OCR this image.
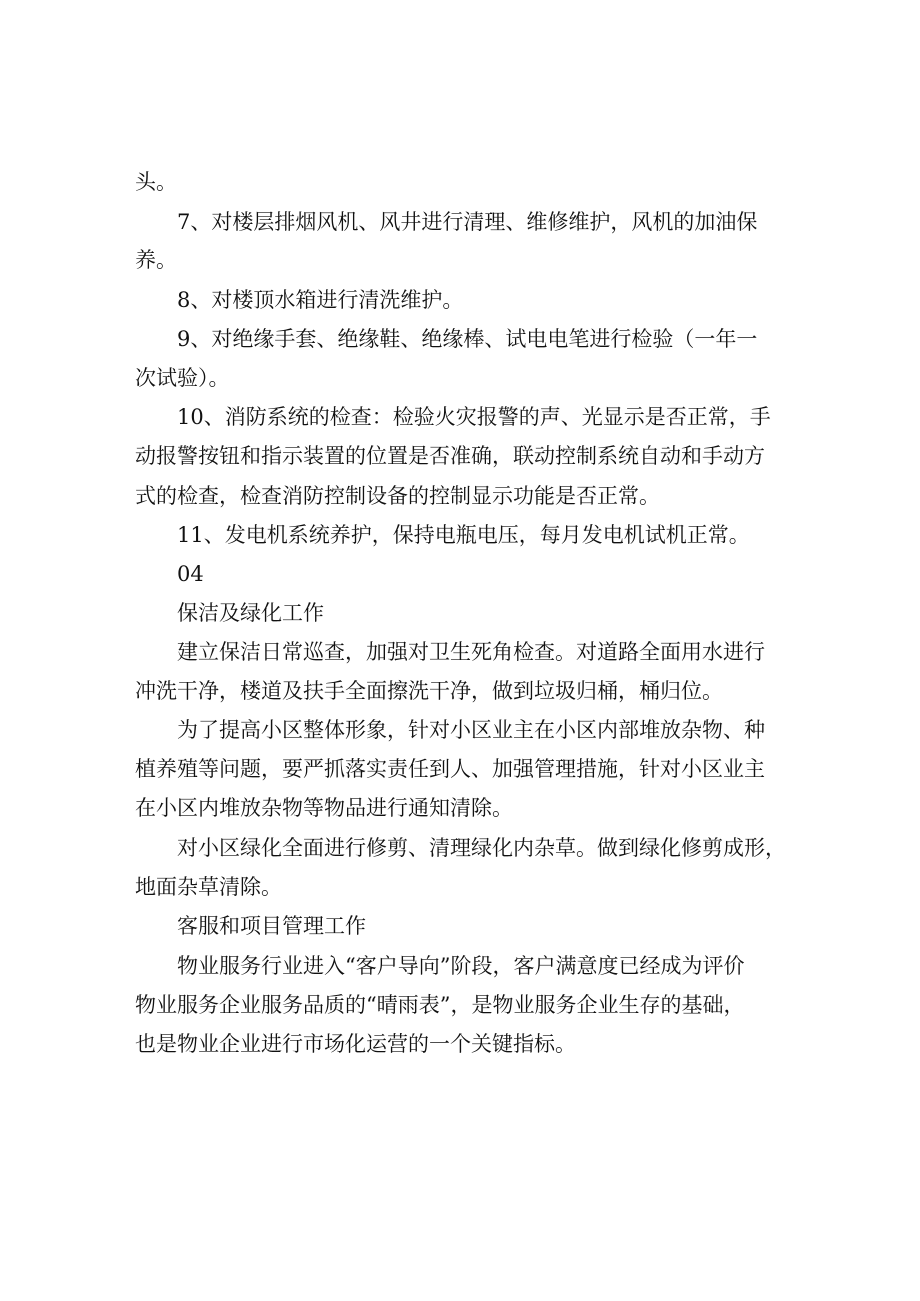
头。
7、对楼层排烟风机、风井进行清理、维修维护，风机的加油保
养。
8、对楼顶水箱进行清洗维护。
9、对绝缘手套、绝缘鞋、绝缘棒、试电电笔进行检验（一年一
次试验）。
10、消防系统的检查：检验火灾报警的声、光显示是否正常，手
动报警按钮和指示装置的位置是否准确，联动控制系统自动和手动方
式的检查，检查消防控制设备的控制显示功能是否正常。
11、发电机系统养护，保持电瓶电压，每月发电机试机正常。
04
保洁及绿化工作
建立保洁日常巡查，加强对卫生死角检查。对道路全面用水进行
冲洗干净，楼道及扶手全面擦洗干净，做到垃圾归桶，桶归位。
为了提高小区整体形象，针对小区业主在小区内部堆放杂物、种
植养殖等问题，要严抓落实责任到人、加强管理措施，针对小区业主
在小区内堆放杂物等物品进行通知清除。
对小区绿化全面进行修剪、清理绿化内杂草。做到绿化修剪成形，
地面杂草清除。
客服和项目管理工作
物业服务行业进入“客户导向”阶段，客户满意度已经成为评价
物业服务企业服务品质的“晴雨表”，是物业服务企业生存的基础，
也是物业企业进行市场化运营的一个关键指标。
